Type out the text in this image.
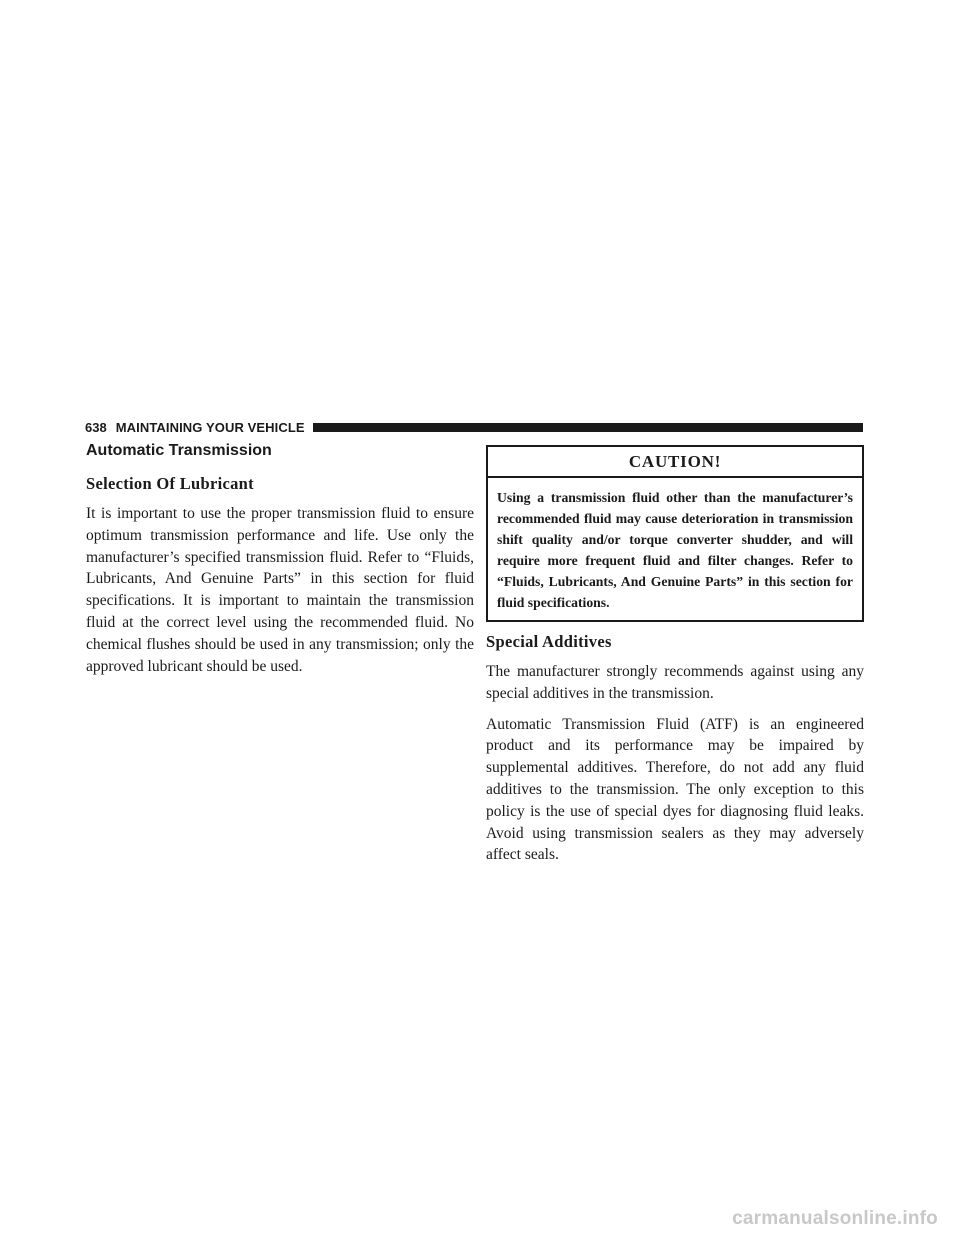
638 MAINTAINING YOUR VEHICLE
Automatic Transmission
Selection Of Lubricant

It is important to use the proper transmission fluid to ensure optimum transmission performance and life. Use only the manufacturer’s specified transmission fluid. Refer to “Fluids, Lubricants, And Genuine Parts” in this section for fluid specifications. It is important to maintain the transmission fluid at the correct level using the recommended fluid. No chemical flushes should be used in any transmission; only the approved lubricant should be used.

CAUTION!
Using a transmission fluid other than the manufacturer’s recommended fluid may cause deterioration in transmission shift quality and/or torque converter shudder, and will require more frequent fluid and filter changes. Refer to “Fluids, Lubricants, And Genuine Parts” in this section for fluid specifications.
Special Additives

The manufacturer strongly recommends against using any special additives in the transmission.

Automatic Transmission Fluid (ATF) is an engineered product and its performance may be impaired by supplemental additives. Therefore, do not add any fluid additives to the transmission. The only exception to this policy is the use of special dyes for diagnosing fluid leaks. Avoid using transmission sealers as they may adversely affect seals.

carmanualsonline.info
